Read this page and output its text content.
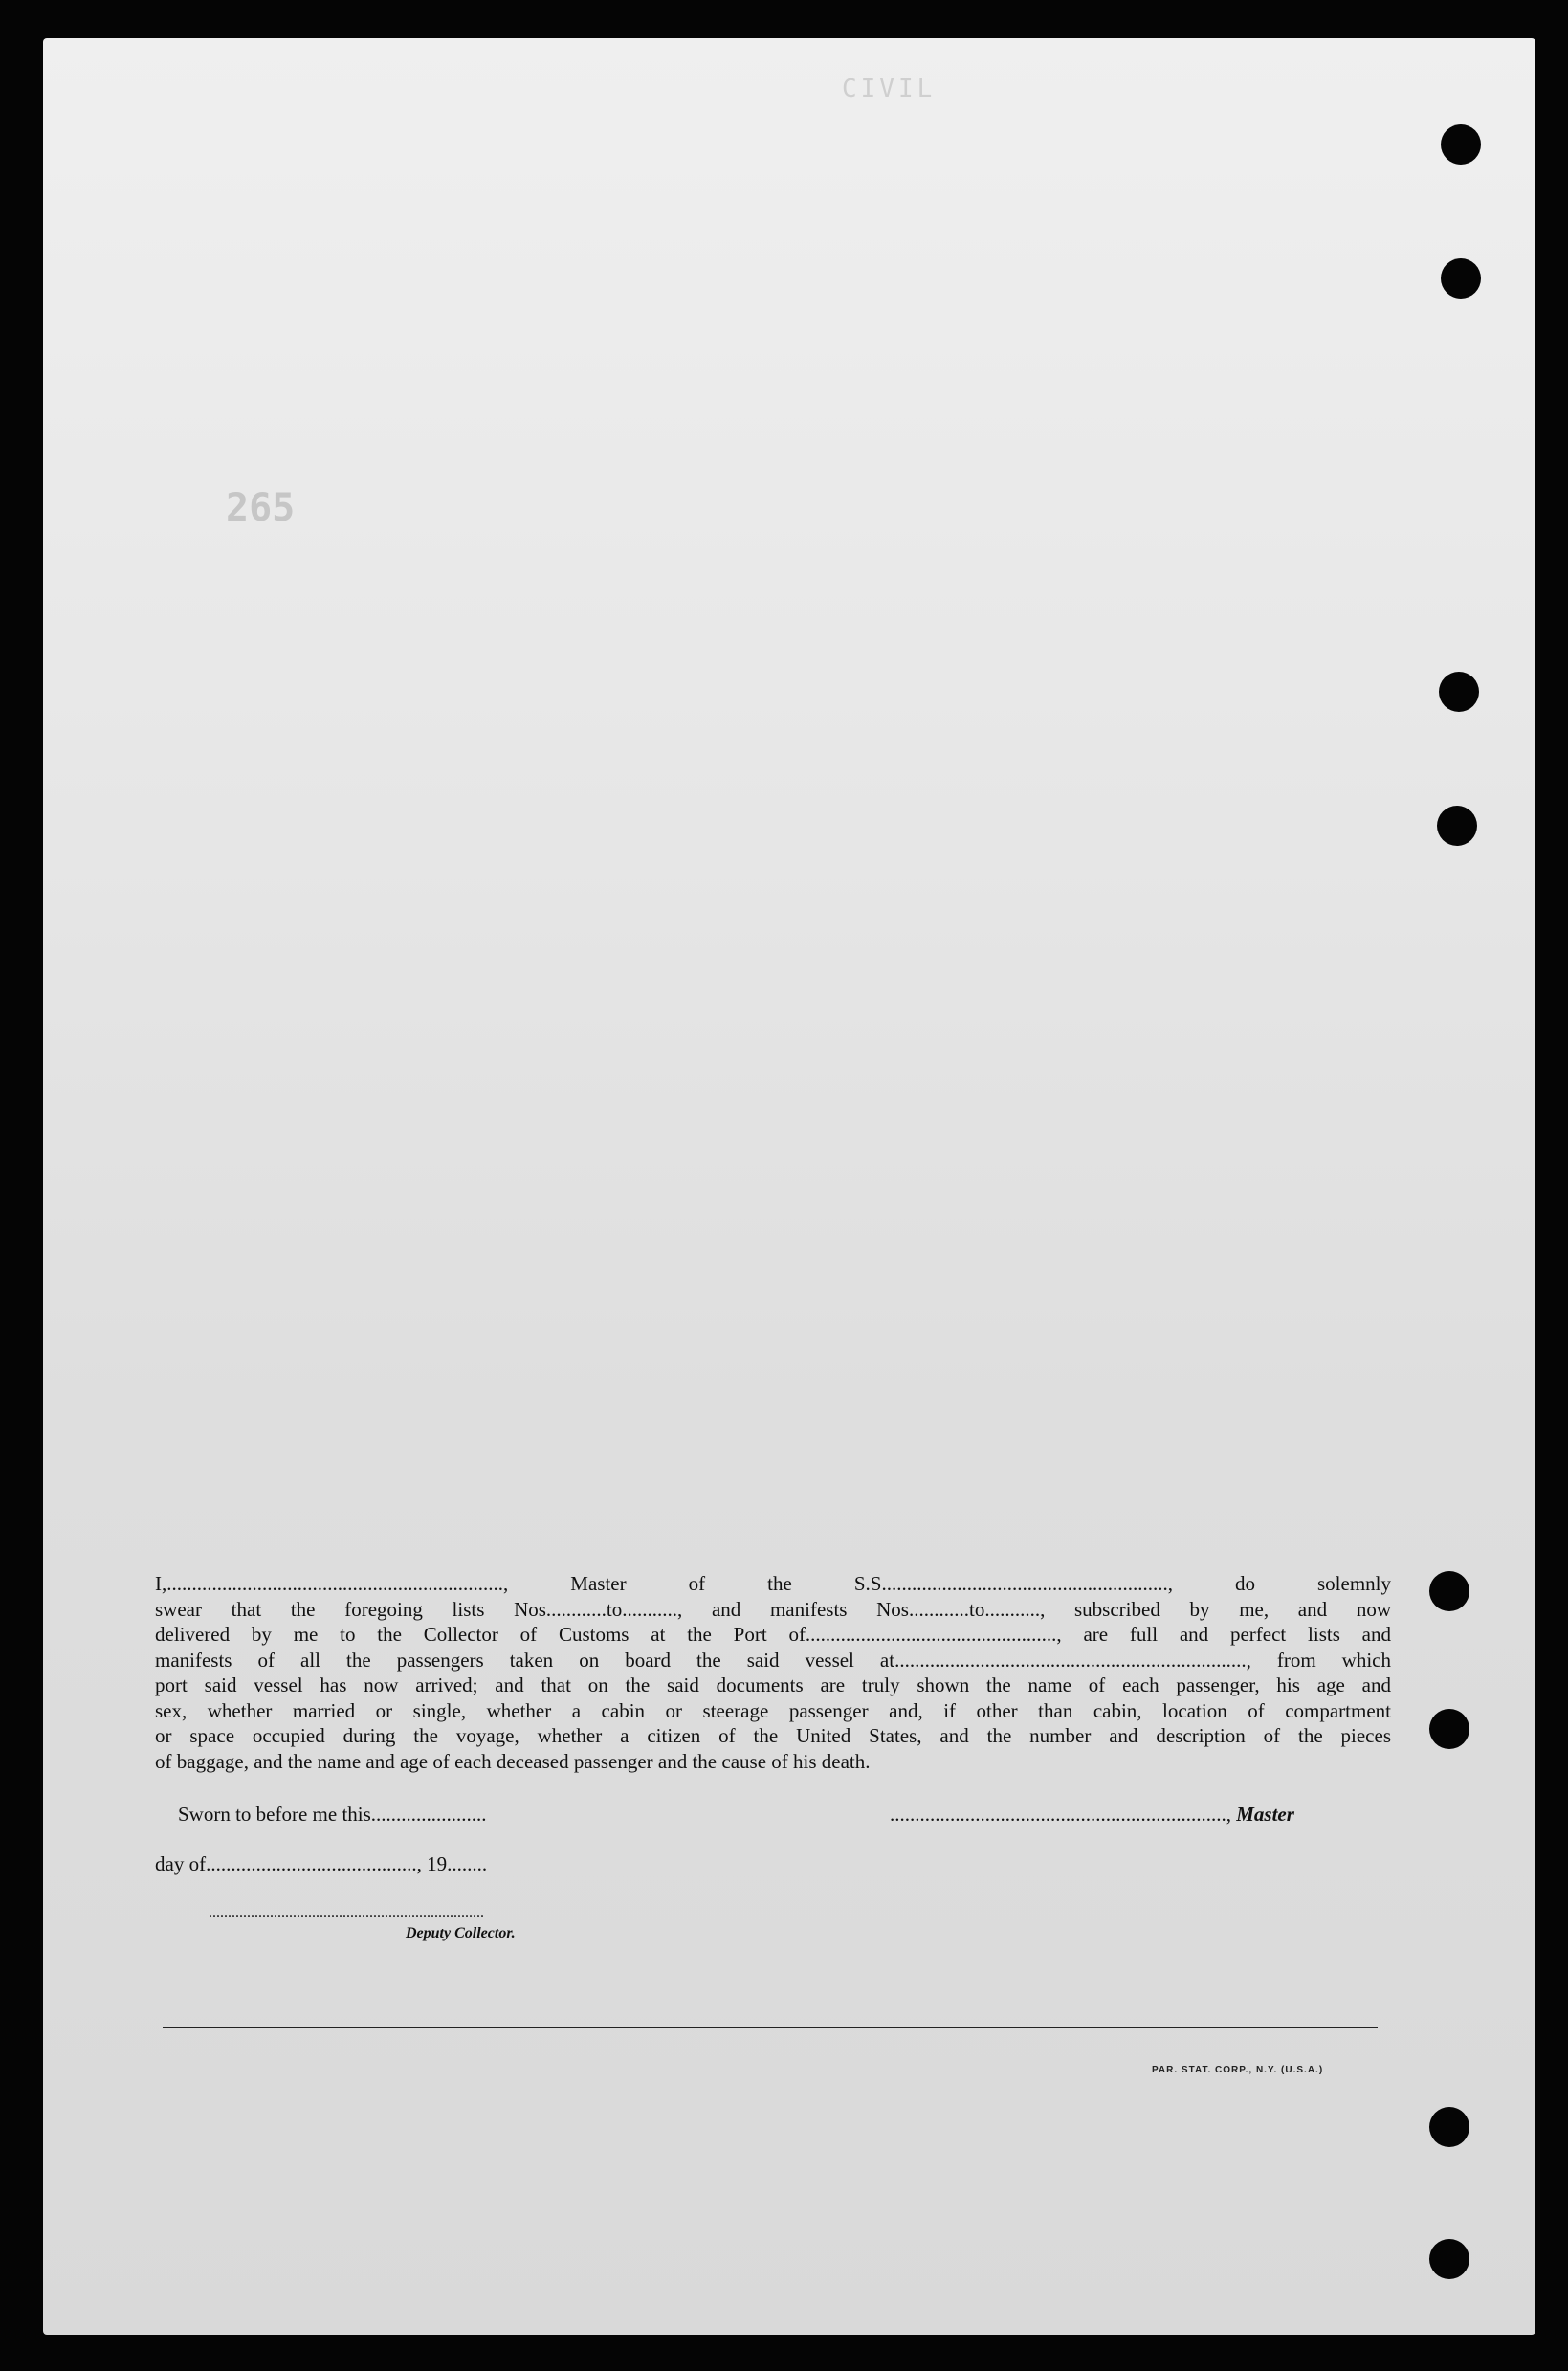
CIVIL
265
I,..................................................................., Master of the S.S........................................................., do solemnly
swear that the foregoing lists Nos............to..........., and manifests Nos............to..........., subscribed by me, and now
delivered by me to the Collector of Customs at the Port of.................................................., are full and perfect lists and
manifests of all the passengers taken on board the said vessel at......................................................................, from which
port said vessel has now arrived; and that on the said documents are truly shown the name of each passenger, his age and
sex, whether married or single, whether a cabin or steerage passenger and, if other than cabin, location of compartment
or space occupied during the voyage, whether a citizen of the United States, and the number and description of the pieces
of baggage, and the name and age of each deceased passenger and the cause of his death.
Sworn to before me this.......................	..................................................................., Master
day of.........................................., 19........
........................................................................
Deputy Collector.
PAR. STAT. CORP., N.Y. (U.S.A.)
